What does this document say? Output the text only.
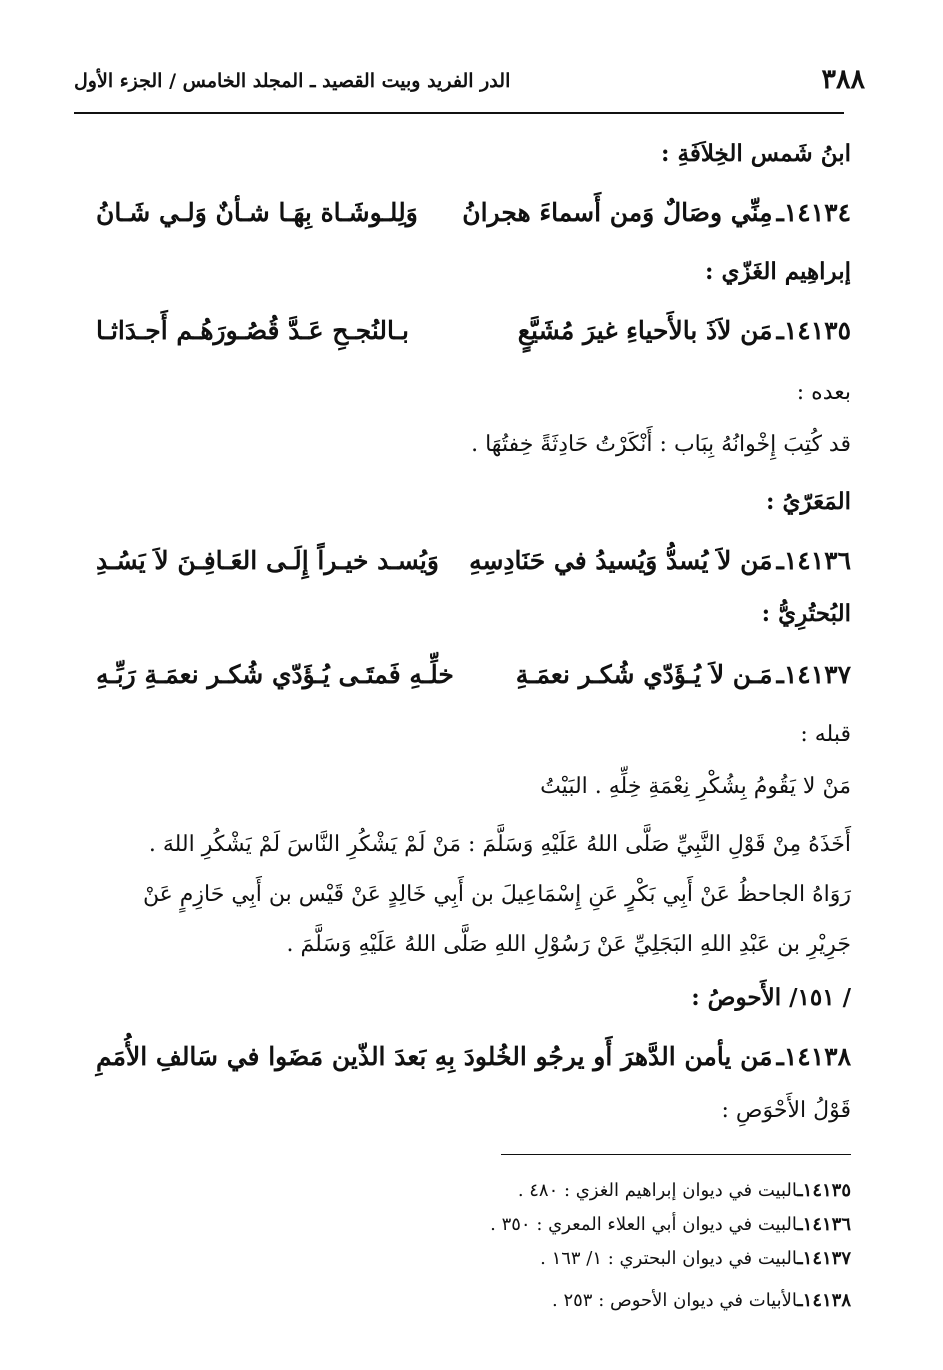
٣٨٨
الدر الفريد وبيت القصيد ـ المجلد الخامس / الجزء الأول
ابنُ شَمس الخِلاَفَةِ :
١٤١٣٤ـمِنِّي وصَالٌ وَمن أَسماءَ هجرانُ
وَلِلـوشَـاة بِهَـا شـأنٌ وَلـي شَـانُ
إبراهِيم الغَزّي :
١٤١٣٥ـمَن لاَذَ بالأَحياءِ غيرَ مُشَيَّعٍ
بـالنُجـحِ عَـدَّ قُصُـورَهُـم أَجـدَاثـا
بعده :
قد كُتِبَ إِخْوانُهُ بِبَاب : أَنْكَرْتُ حَادِثَةً خِفتُهَا .
المَعَرّيُ :
١٤١٣٦ـمَن لاَ يُسدُّ وَيُسيدُ في حَنَادِسِهِ
وَيُسـد خيـراً إِلَـى العَـافِـنَ لاَ يَسُـدِ
البُحتُرِيُّ :
١٤١٣٧ـمَـن لاَ يُـؤَدّي شُكـر نعمَـةِ
خلِّـهِ فَمتَـى يُـؤَدّي شُكـر نعمَـةِ رَبِّـهِ
قبله :
مَنْ لا يَقُومُ بِشُكْرِ نِعْمَةِ خِلِّهِ . البَيْتُ
أَخَذَهُ مِنْ قَوْلِ النَّبِيِّ صَلَّى اللهُ عَلَيْهِ وَسَلَّمَ : مَنْ لَمْ يَشْكُرِ النَّاسَ لَمْ يَشْكُرِ اللهَ .
رَوَاهُ الجاحظُ عَنْ أَبِي بَكْرٍ عَنِ إِسْمَاعِيلَ بن أَبِي خَالِدٍ عَنْ قَيْس بن أَبِي حَازِمٍ عَنْ
جَرِيْرِ بن عَبْدِ اللهِ البَجَلِيِّ عَنْ رَسُوْلِ اللهِ صَلَّى اللهُ عَلَيْهِ وَسَلَّمَ .
/ ١٥١/ الأَحوصُ :
١٤١٣٨ـمَن يأمن الدَّهرَ أَو يرجُو الخُلودَ بِهِ
بَعدَ الذّين مَضَوا في سَالفِ الأُمَمِ
قَوْلُ الأَحْوَصِ :
١٤١٣٥ـالبيت في ديوان إبراهيم الغزي : ٤٨٠ .
١٤١٣٦ـالبيت في ديوان أبي العلاء المعري : ٣٥٠ .
١٤١٣٧ـالبيت في ديوان البحتري : ١/ ١٦٣ .
١٤١٣٨ـالأبيات في ديوان الأحوص : ٢٥٣ .
